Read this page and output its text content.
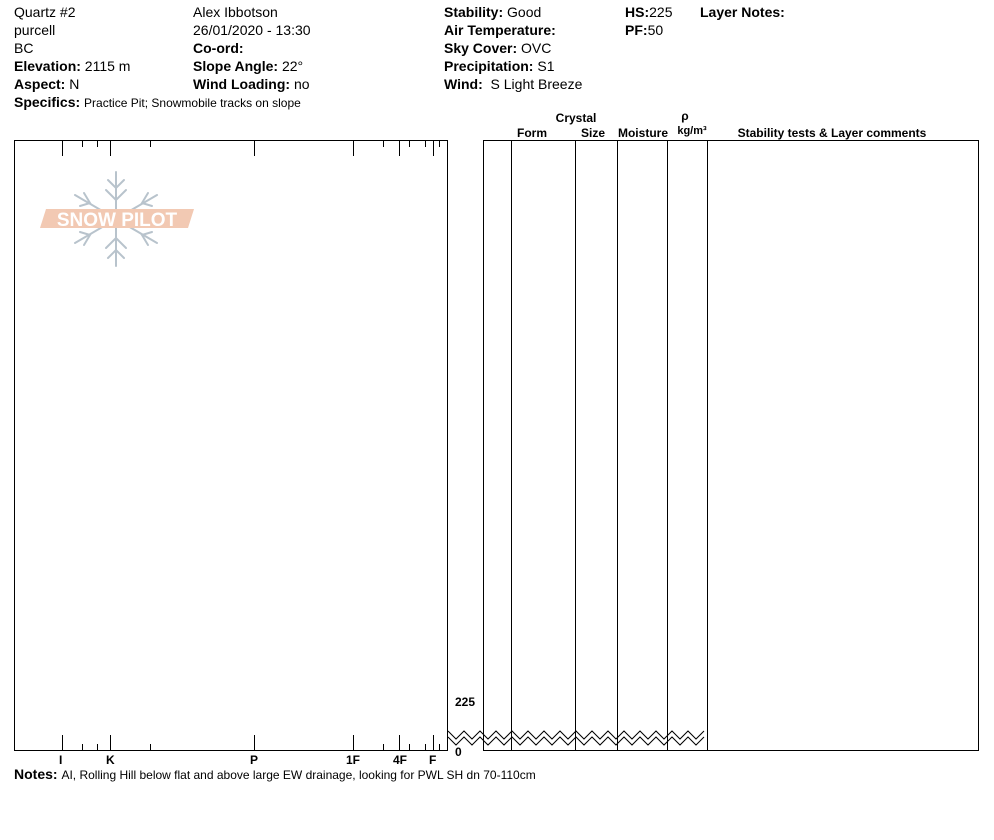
Quartz #2
purcell
BC
Elevation: 2115 m
Aspect: N
Specifics: Practice Pit; Snowmobile tracks on slope
Alex Ibbotson
26/01/2020 - 13:30
Co-ord:
Slope Angle: 22°
Wind Loading: no
Stability: Good
Air Temperature:
Sky Cover: OVC
Precipitation: S1
Wind: S Light Breeze
HS:225
PF:50
Layer Notes:
I	K	P	1F	4F F
SNOW PILOT
225
0
Crystal
Form	Size Moisture
ρ
kg/m³	Stability tests & Layer comments
Notes: AI, Rolling Hill below flat and above large EW drainage, looking for PWL SH dn 70-110cm
